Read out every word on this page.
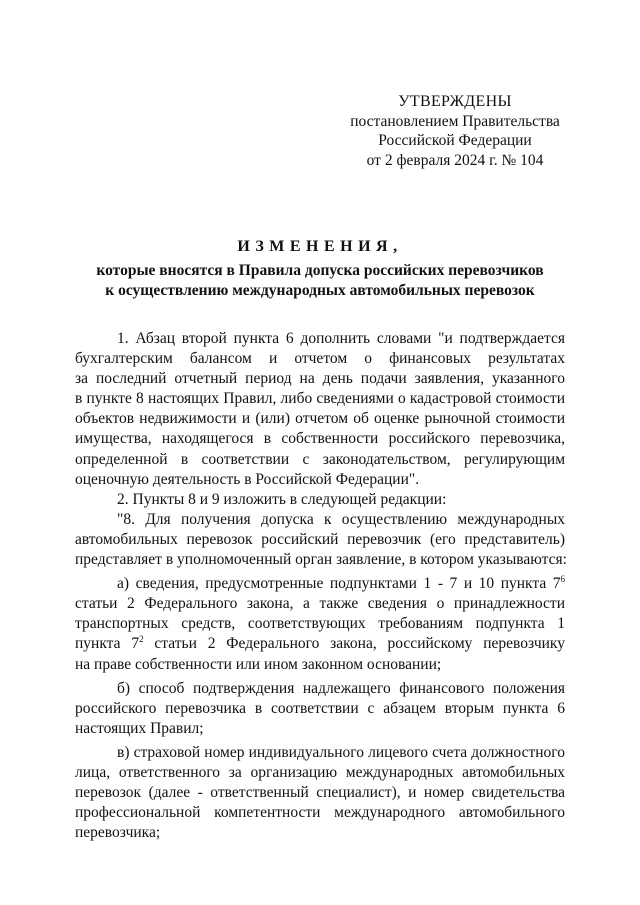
УТВЕРЖДЕНЫ
постановлением Правительства
Российской Федерации
от 2 февраля 2024 г. № 104
ИЗМЕНЕНИЯ,
которые вносятся в Правила допуска российских перевозчиков
к осуществлению международных автомобильных перевозок
1. Абзац второй пункта 6 дополнить словами "и подтверждается
бухгалтерским балансом и отчетом о финансовых результатах
за последний отчетный период на день подачи заявления, указанного
в пункте 8 настоящих Правил, либо сведениями о кадастровой стоимости
объектов недвижимости и (или) отчетом об оценке рыночной стоимости
имущества, находящегося в собственности российского перевозчика,
определенной в соответствии с законодательством, регулирующим
оценочную деятельность в Российской Федерации".
2. Пункты 8 и 9 изложить в следующей редакции:
"8. Для получения допуска к осуществлению международных
автомобильных перевозок российский перевозчик (его представитель)
представляет в уполномоченный орган заявление, в котором указываются:
а) сведения, предусмотренные подпунктами 1 - 7 и 10 пункта $7^6$
статьи 2 Федерального закона, а также сведения о принадлежности
транспортных средств, соответствующих требованиям подпункта 1
пункта $7^2$ статьи 2 Федерального закона, российскому перевозчику
на праве собственности или ином законном основании;
б) способ подтверждения надлежащего финансового положения
российского перевозчика в соответствии с абзацем вторым пункта 6
настоящих Правил;
в) страховой номер индивидуального лицевого счета должностного
лица, ответственного за организацию международных автомобильных
перевозок (далее - ответственный специалист), и номер свидетельства
профессиональной компетентности международного автомобильного
перевозчика;
